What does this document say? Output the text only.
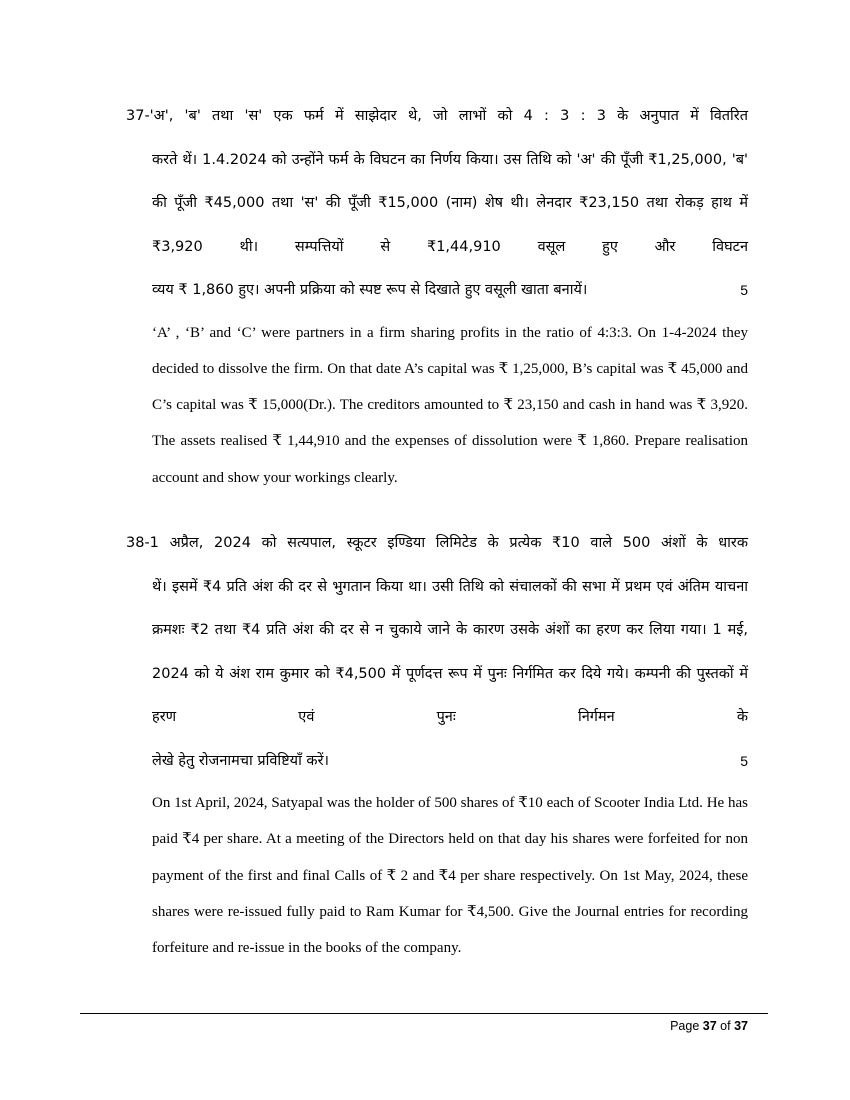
37-'अ', 'ब' तथा 'स' एक फर्म में साझेदार थे, जो लाभों को 4 : 3 : 3 के अनुपात में वितरित
करते थें। 1.4.2024 को उन्होंने फर्म के विघटन का निर्णय किया। उस तिथि को 'अ' की पूँजी ₹1,25,000, 'ब' की पूँजी ₹45,000 तथा 'स' की पूँजी ₹15,000 (नाम) शेष थी। लेनदार ₹23,150 तथा रोकड़ हाथ में ₹3,920 थी। सम्पत्तियों से ₹1,44,910 वसूल हुए और विघटन
व्यय ₹ 1,860 हुए। अपनी प्रक्रिया को स्पष्ट रूप से दिखाते हुए वसूली खाता बनायें।	5
‘A’ , ‘B’ and ‘C’ were partners in a firm sharing profits in the ratio of 4:3:3. On 1-4-2024 they decided to dissolve the firm. On that date A’s capital was ₹ 1,25,000, B’s capital was ₹ 45,000 and C’s capital was ₹ 15,000(Dr.). The creditors amounted to ₹ 23,150 and cash in hand was ₹ 3,920. The assets realised ₹ 1,44,910 and the expenses of dissolution were ₹ 1,860. Prepare realisation account and show your workings clearly.
38-1 अप्रैल, 2024 को सत्यपाल, स्कूटर इण्डिया लिमिटेड के प्रत्येक ₹10 वाले 500 अंशों के धारक
थें। इसमें ₹4 प्रति अंश की दर से भुगतान किया था। उसी तिथि को संचालकों की सभा में प्रथम एवं अंतिम याचना क्रमशः ₹2 तथा ₹4 प्रति अंश की दर से न चुकाये जाने के कारण उसके अंशों का हरण कर लिया गया। 1 मई, 2024 को ये अंश राम कुमार को ₹4,500 में पूर्णदत्त रूप में पुनः निर्गमित कर दिये गये। कम्पनी की पुस्तकों में हरण एवं पुनः निर्गमन के
लेखे हेतु रोजनामचा प्रविष्टियाँ करें।	5
On 1st April, 2024, Satyapal was the holder of 500 shares of ₹10 each of Scooter India Ltd. He has paid ₹4 per share. At a meeting of the Directors held on that day his shares were forfeited for non payment of the first and final Calls of ₹ 2 and ₹4 per share respectively. On 1st May, 2024, these shares were re-issued fully paid to Ram Kumar for ₹4,500. Give the Journal entries for recording forfeiture and re-issue in the books of the company.
Page 37 of 37
